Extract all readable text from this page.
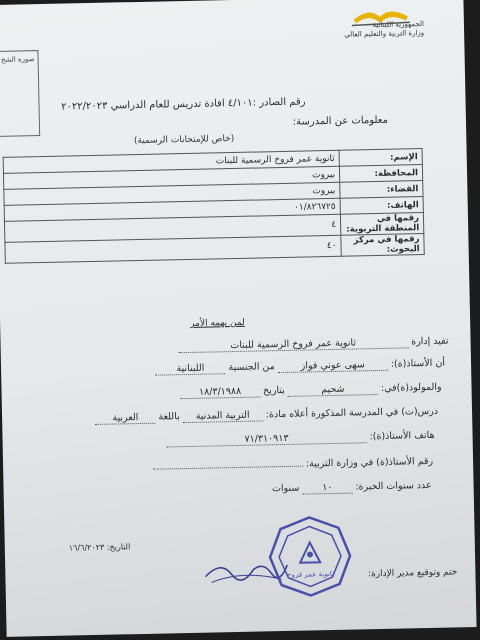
الجمهورية اللبنانية
وزارة التربية والتعليم العالي
صورة الشخ
رقم الصادر :٤/١٠١ افادة تدريس للعام الدراسي ٢٠٢٢/٢٠٢٣
معلومات عن المدرسة:
(خاص للإمتحانات الرسمية)
الإسم:	ثانوية عمر فروخ الرسمية للبنات
المحافظة:	بيروت
القضاء:	بيروت
الهاتف:	٠١/٨٢٦٧٢٥
رقمها في المنطقة التربوية:	٤
رقمها في مركز البحوث:	٤٠
لمن يهمه الأمر
تفيد إدارة ثانوية عمر فروخ الرسمية للبنات
أن الأستاذ(ة): سهى عوني فواز من الجنسية اللبنانية
والمولود(ة)في: شحيم بتاريخ ١٨/٣/١٩٨٨
درس(ت) في المدرسة المذكورة أعلاه مادة: التربية المدنية باللغة العربية
هاتف الأستاذ(ة): ٧١/٣١٠٩١٣
رقم الأستاذ(ة) في وزارة التربية:
عدد سنوات الخبرة: ١٠ سنوات
التاريخ: ١٦/٦/٢٠٢٣
ثانوية عمر فروخ	ختم وتوقيع مدير الإدارة:
